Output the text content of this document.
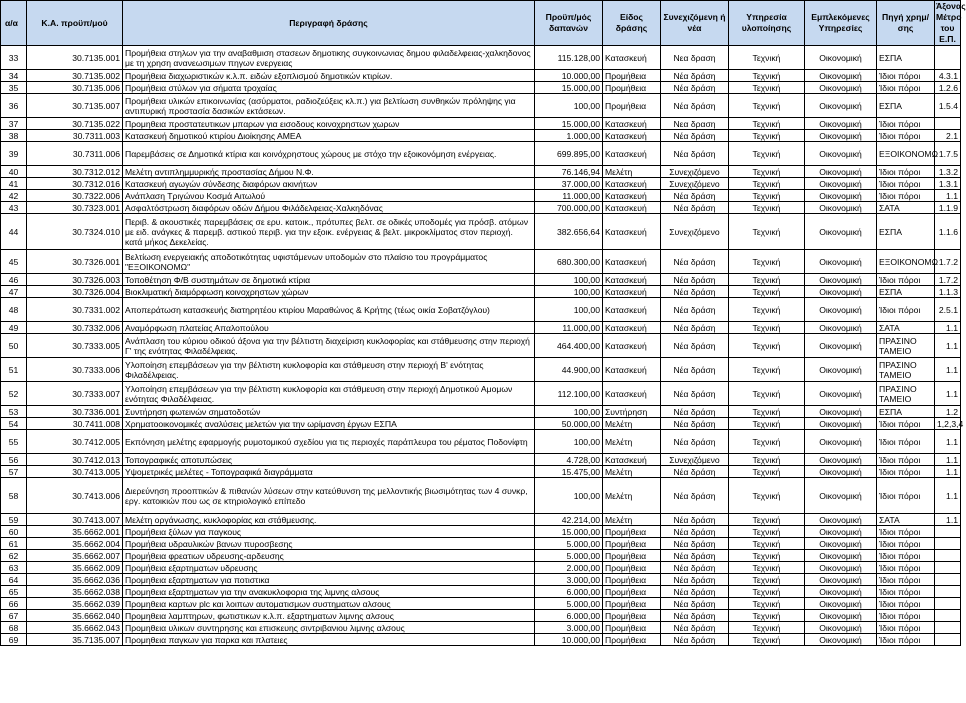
α/α	Κ.Α. προϋπ/μού	Περιγραφή δράσης	Προϋπ/μός δαπανών	Είδος δράσης	Συνεχιζόμενη ή νέα	Υπηρεσία υλοποίησης	Εμπλεκόμενες Υπηρεσίες	Πηγή χρημ/σης	Άξονας Μέτρο του Ε.Π.
33	30.7135.001	Προμήθεια στηλων για την αναβαθμιση στασεων δημοτικης συγκοινωνιας δημου φιλαδελφειας-χαλκηδονος με τη χρηση ανανεωσιμων πηγων ενεργειας	115.128,00	Κατασκευή	Νεα δραση	Τεχνική	Οικονομική	ΕΣΠΑ	
34	30.7135.002	Προμήθεια διαχωριστικών κ.λ.π. ειδών εξοπλισμού δημοτικών κτιρίων.	10.000,00	Προμήθεια	Νέα δράση	Τεχνική	Οικονομική	Ίδιοι πόροι	4.3.1
35	30.7135.006	Προμήθεια στύλων για σήματα τροχαίας	15.000,00	Προμήθεια	Νέα δράση	Τεχνική	Οικονομική	Ίδιοι πόροι	1.2.6
36	30.7135.007	Προμήθεια υλικών επικοινωνίας (ασύρματοι, ραδιοζεύξεις κλ.π.) για βελτίωση συνθηκών πρόληψης για αντιπυρική προστασία δασικών εκτάσεων.	100,00	Προμήθεια	Νέα δράση	Τεχνική	Οικονομική	ΕΣΠΑ	1.5.4
37	30.7135.022	Προμηθεια προστατευτικων μπαρων για εισοδους κοινοχρηστων χωρων	15.000,00	Κατασκευή	Νεα δραση	Τεχνική	Οικονομική	Ίδιοι πόροι	
38	30.7311.003	Κατασκευή δημοτικού κτιρίου Διοίκησης ΑΜΕΑ	1.000,00	Κατασκευή	Νέα δράση	Τεχνική	Οικονομική	Ίδιοι πόροι	2.1
39	30.7311.006	Παρεμβάσεις σε Δημοτικά κτίρια και κοινόχρηστους χώρους με στόχο την εξοικονόμηση ενέργειας.	699.895,00	Κατασκευή	Νέα δράση	Τεχνική	Οικονομική	ΕΞΟΙΚΟΝΟΜΩ	1.7.5
40	30.7312.012	Μελέτη αντιπλημμυρικής προστασίας Δήμου Ν.Φ.	76.146,94	Μελέτη	Συνεχιζόμενο	Τεχνική	Οικονομική	Ίδιοι πόροι	1.3.2
41	30.7312.016	Κατασκευή αγωγών σύνδεσης διαφόρων ακινήτων	37.000,00	Κατασκευή	Συνεχιζόμενο	Τεχνική	Οικονομική	Ίδιοι πόροι	1.3.1
42	30.7322.006	Ανάπλαση Τριγώνου Κοσμά Αιτωλού	11.000,00	Κατασκευή	Νέα δράση	Τεχνική	Οικονομική	Ίδιοι πόροι	1.1
43	30.7323.001	Ασφαλτόστρωση διαφόρων οδών Δήμου Φιλάδελφειας-Χαλκηδόνας	700.000,00	Κατασκευή	Νέα δράση	Τεχνική	Οικονομική	ΣΑΤΑ	1.1.9
44	30.7324.010	Περιβ. & ακουστικές παρεμβάσεις σε ερυ. κατοικ., πρότυπες βελτ. σε οδικές υποδομές για πρόσβ. ατόμων με ειδ. ανάγκες & παρεμβ. αστικού περιβ. για την εξοικ. ενέργειας & βελτ. μικροκλίματος στον περιοχή. κατά μήκος Δεκελείας.	382.656,64	Κατασκευή	Συνεχιζόμενο	Τεχνική	Οικονομική	ΕΣΠΑ	1.1.6
45	30.7326.001	Βελτίωση ενεργειακής αποδοτικότητας υφιστάμενων υποδομών στο πλαίσιο του προγράμματος "ΕΞΟΙΚΟΝΟΜΩ"	680.300,00	Κατασκευή	Νέα δράση	Τεχνική	Οικονομική	ΕΞΟΙΚΟΝΟΜΩ	1.7.2
46	30.7326.003	Τοποθέτηση Φ/Β συστημάτων σε δημοτικά κτίρια	100,00	Κατασκευή	Νέα δράση	Τεχνική	Οικονομική	Ίδιοι πόροι	1.7.2
47	30.7326.004	Βιοκλιματική διαμόρφωση κοινοχρηστων χώρων	100,00	Κατασκευή	Νέα δράση	Τεχνική	Οικονομική	ΕΣΠΑ	1.1.3
48	30.7331.002	Αποπεράτωση κατασκευής διατηρητέου κτιρίου Μαραθώνος & Κρήτης (τέως οικία Σοβατζόγλου)	100,00	Κατασκευή	Νέα δράση	Τεχνική	Οικονομική	Ίδιοι πόροι	2.5.1
49	30.7332.006	Αναμόρφωση πλατείας Απαλοπούλου	11.000,00	Κατασκευή	Νέα δράση	Τεχνική	Οικονομική	ΣΑΤΑ	1.1
50	30.7333.005	Ανάπλαση του κύριου οδικού άξονα για την βέλτιστη διαχείριση κυκλοφορίας και στάθμευσης στην περιοχή Γ' της ενότητας Φιλαδέλφειας.	464.400,00	Κατασκευή	Νέα δράση	Τεχνική	Οικονομική	ΠΡΑΣΙΝΟ ΤΑΜΕΙΟ	1.1
51	30.7333.006	Υλοποίηση επεμβάσεων για την βέλτιστη κυκλοφορία και στάθμευση στην περιοχή Β' ενότητας Φιλαδέλφειας.	44.900,00	Κατασκευή	Νέα δράση	Τεχνική	Οικονομική	ΠΡΑΣΙΝΟ ΤΑΜΕΙΟ	1.1
52	30.7333.007	Υλοποίηση επεμβάσεων για την βέλτιστη κυκλοφορία και στάθμευση στην περιοχή Δημοτικού Αμομων ενότητας Φιλαδέλφειας.	112.100,00	Κατασκευή	Νέα δράση	Τεχνική	Οικονομική	ΠΡΑΣΙΝΟ ΤΑΜΕΙΟ	1.1
53	30.7336.001	Συντήρηση φωτεινών σηματοδοτών	100,00	Συντήρηση	Νέα δράση	Τεχνική	Οικονομική	ΕΣΠΑ	1.2
54	30.7411.008	Χρηματοοικονομικές αναλύσεις μελετών για την ωρίμανση έργων ΕΣΠΑ	50.000,00	Μελέτη	Νέα δράση	Τεχνική	Οικονομική	Ίδιοι πόροι	1,2,3,4
55	30.7412.005	Εκπόνηση μελέτης εφαρμογής ρυμοτομικού σχεδίου για τις περιοχές παράπλευρα του ρέματος Ποδονίφτη	100,00	Μελέτη	Νέα δράση	Τεχνική	Οικονομική	Ίδιοι πόροι	1.1
56	30.7412.013	Τοπογραφικές αποτυπώσεις	4.728,00	Κατασκευή	Συνεχιζόμενο	Τεχνική	Οικονομική	Ίδιοι πόροι	1.1
57	30.7413.005	Υψομετρικές μελέτες - Τοπογραφικά διαγράμματα	15.475,00	Μελέτη	Νέα δράση	Τεχνική	Οικονομική	Ίδιοι πόροι	1.1
58	30.7413.006	Διερεύνηση προοπτικών & πιθανών λύσεων στην κατεύθυνση της μελλοντικής βιωσιμότητας των 4 συνκρ, εργ. κατοικιών που ως σε κτηριολογικό επίπεδο	100,00	Μελέτη	Νέα δράση	Τεχνική	Οικονομική	Ίδιοι πόροι	1.1
59	30.7413.007	Μελέτη οργάνωσης, κυκλοφορίας και στάθμευσης.	42.214,00	Μελέτη	Νέα δράση	Τεχνική	Οικονομική	ΣΑΤΑ	1.1
60	35.6662.001	Προμήθεια ξύλων για παγκους	15.000,00	Προμήθεια	Νέα δράση	Τεχνική	Οικονομική	Ίδιοι πόροι	
61	35.6662.004	Προμήθεια υδραυλικών βανων πυροσβεσης	5.000,00	Προμήθεια	Νέα δράση	Τεχνική	Οικονομική	Ίδιοι πόροι	
62	35.6662.007	Προμήθεια φρεατιων υδρευσης-αρδευσης	5.000,00	Προμήθεια	Νέα δράση	Τεχνική	Οικονομική	Ίδιοι πόροι	
63	35.6662.009	Προμήθεια εξαρτηματων υδρευσης	2.000,00	Προμήθεια	Νέα δράση	Τεχνική	Οικονομική	Ίδιοι πόροι	
64	35.6662.036	Προμηθεια εξαρτηματων για ποτιστικα	3.000,00	Προμήθεια	Νέα δράση	Τεχνική	Οικονομική	Ίδιοι πόροι	
65	35.6662.038	Προμηθεια εξαρτηματων για την ανακυκλοφορια της λιμνης αλσους	6.000,00	Προμήθεια	Νέα δράση	Τεχνική	Οικονομική	Ίδιοι πόροι	
66	35.6662.039	Προμηθεια καρτων plc και λοιπων αυτοματισμων συστηματων αλσους	5.000,00	Προμήθεια	Νέα δράση	Τεχνική	Οικονομική	Ίδιοι πόροι	
67	35.6662.040	Προμηθεια λαμπτηρων, φωτιστικων κ.λ.π. εξαρτηματων λιμνης αλσους	6.000,00	Προμήθεια	Νέα δράση	Τεχνική	Οικονομική	Ίδιοι πόροι	
68	35.6662.043	Προμηθεια υλικων συντηρησης και επισκευης σιντριβανιου λιμνης αλσους	3.000,00	Προμήθεια	Νέα δράση	Τεχνική	Οικονομική	Ίδιοι πόροι	
69	35.7135.007	Προμηθεια παγκων για παρκα και πλατειες	10.000,00	Προμήθεια	Νέα δράση	Τεχνική	Οικονομική	Ίδιοι πόροι	
